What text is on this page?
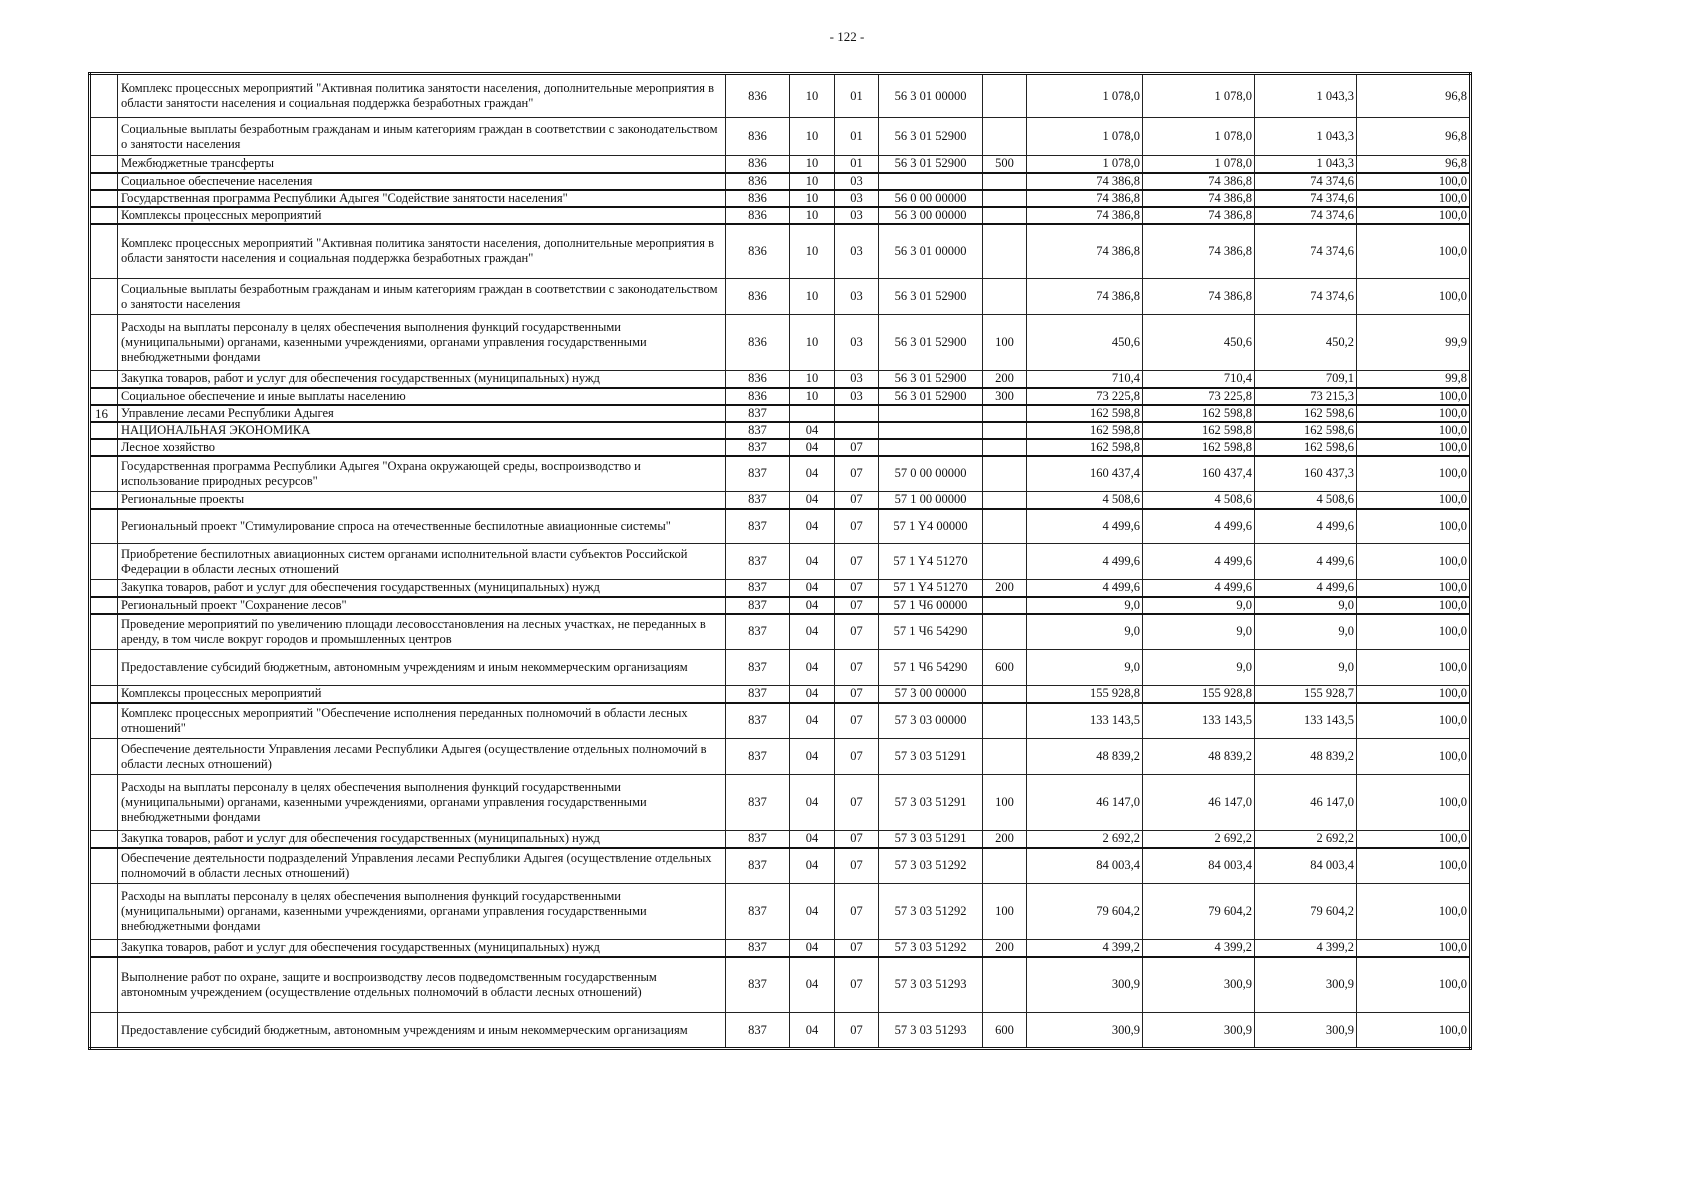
- 122 -
	Комплекс процессных мероприятий "Активная политика занятости населения, дополнительные мероприятия в области занятости населения и социальная поддержка безработных граждан"	836	10	01	56 3 01 00000		1 078,0	1 078,0	1 043,3	96,8
	Социальные выплаты безработным гражданам и иным категориям граждан в соответствии с законодательством о занятости населения	836	10	01	56 3 01 52900		1 078,0	1 078,0	1 043,3	96,8
	Межбюджетные трансферты	836	10	01	56 3 01 52900	500	1 078,0	1 078,0	1 043,3	96,8
	Социальное обеспечение населения	836	10	03			74 386,8	74 386,8	74 374,6	100,0
	Государственная программа Республики Адыгея "Содействие занятости населения"	836	10	03	56 0 00 00000		74 386,8	74 386,8	74 374,6	100,0
	Комплексы процессных мероприятий	836	10	03	56 3 00 00000		74 386,8	74 386,8	74 374,6	100,0
	Комплекс процессных мероприятий "Активная политика занятости населения, дополнительные мероприятия в области занятости населения и социальная поддержка безработных граждан"	836	10	03	56 3 01 00000		74 386,8	74 386,8	74 374,6	100,0
	Социальные выплаты безработным гражданам и иным категориям граждан в соответствии с законодательством о занятости населения	836	10	03	56 3 01 52900		74 386,8	74 386,8	74 374,6	100,0
	Расходы на выплаты персоналу в целях обеспечения выполнения функций государственными (муниципальными) органами, казенными учреждениями, органами управления государственными внебюджетными фондами	836	10	03	56 3 01 52900	100	450,6	450,6	450,2	99,9
	Закупка товаров, работ и услуг для обеспечения государственных (муниципальных) нужд	836	10	03	56 3 01 52900	200	710,4	710,4	709,1	99,8
	Социальное обеспечение и иные выплаты населению	836	10	03	56 3 01 52900	300	73 225,8	73 225,8	73 215,3	100,0
16	Управление лесами Республики Адыгея	837					162 598,8	162 598,8	162 598,6	100,0
	НАЦИОНАЛЬНАЯ ЭКОНОМИКА	837	04				162 598,8	162 598,8	162 598,6	100,0
	Лесное хозяйство	837	04	07			162 598,8	162 598,8	162 598,6	100,0
	Государственная программа Республики Адыгея "Охрана окружающей среды, воспроизводство и использование природных ресурсов"	837	04	07	57 0 00 00000		160 437,4	160 437,4	160 437,3	100,0
	Региональные проекты	837	04	07	57 1 00 00000		4 508,6	4 508,6	4 508,6	100,0
	Региональный проект "Стимулирование спроса на отечественные беспилотные авиационные системы"	837	04	07	57 1 Y4 00000		4 499,6	4 499,6	4 499,6	100,0
	Приобретение беспилотных авиационных систем органами исполнительной власти субъектов Российской Федерации в области лесных отношений	837	04	07	57 1 Y4 51270		4 499,6	4 499,6	4 499,6	100,0
	Закупка товаров, работ и услуг для обеспечения государственных (муниципальных) нужд	837	04	07	57 1 Y4 51270	200	4 499,6	4 499,6	4 499,6	100,0
	Региональный проект "Сохранение лесов"	837	04	07	57 1 Ч6 00000		9,0	9,0	9,0	100,0
	Проведение мероприятий по увеличению площади лесовосстановления на лесных участках, не переданных в аренду, в том числе вокруг городов и промышленных центров	837	04	07	57 1 Ч6 54290		9,0	9,0	9,0	100,0
	Предоставление субсидий бюджетным, автономным учреждениям и иным некоммерческим организациям	837	04	07	57 1 Ч6 54290	600	9,0	9,0	9,0	100,0
	Комплексы процессных мероприятий	837	04	07	57 3 00 00000		155 928,8	155 928,8	155 928,7	100,0
	Комплекс процессных мероприятий "Обеспечение исполнения переданных полномочий в области лесных отношений"	837	04	07	57 3 03 00000		133 143,5	133 143,5	133 143,5	100,0
	Обеспечение деятельности Управления лесами Республики Адыгея (осуществление отдельных полномочий в области лесных отношений)	837	04	07	57 3 03 51291		48 839,2	48 839,2	48 839,2	100,0
	Расходы на выплаты персоналу в целях обеспечения выполнения функций государственными (муниципальными) органами, казенными учреждениями, органами управления государственными внебюджетными фондами	837	04	07	57 3 03 51291	100	46 147,0	46 147,0	46 147,0	100,0
	Закупка товаров, работ и услуг для обеспечения государственных (муниципальных) нужд	837	04	07	57 3 03 51291	200	2 692,2	2 692,2	2 692,2	100,0
	Обеспечение деятельности подразделений Управления лесами Республики Адыгея (осуществление отдельных полномочий в области лесных отношений)	837	04	07	57 3 03 51292		84 003,4	84 003,4	84 003,4	100,0
	Расходы на выплаты персоналу в целях обеспечения выполнения функций государственными (муниципальными) органами, казенными учреждениями, органами управления государственными внебюджетными фондами	837	04	07	57 3 03 51292	100	79 604,2	79 604,2	79 604,2	100,0
	Закупка товаров, работ и услуг для обеспечения государственных (муниципальных) нужд	837	04	07	57 3 03 51292	200	4 399,2	4 399,2	4 399,2	100,0
	Выполнение работ по охране, защите и воспроизводству лесов подведомственным государственным автономным учреждением (осуществление отдельных полномочий в области лесных отношений)	837	04	07	57 3 03 51293		300,9	300,9	300,9	100,0
	Предоставление субсидий бюджетным, автономным учреждениям и иным некоммерческим организациям	837	04	07	57 3 03 51293	600	300,9	300,9	300,9	100,0
